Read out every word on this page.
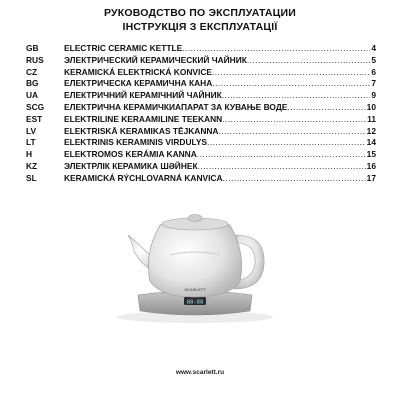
РУКОВОДСТВО ПО ЭКСПЛУАТАЦИИ
ІНСТРУКЦІЯ З ЕКСПЛУАТАЦІЇ
GB	ELECTRIC CERAMIC KETTLE .....	4
RUS	ЭЛЕКТРИЧЕСКИЙ КЕРАМИЧЕСКИЙ ЧАЙНИК .....	5
CZ	KERAMICKÁ ELEKTRICKÁ KONVICE .....	6
BG	ЕЛЕКТРИЧЕСКА КЕРАМИЧНА КАНА .....	7
UA	ЕЛЕКТРИЧНИЙ КЕРАМІЧНИЙ ЧАЙНИК .....	9
SCG	ЕЛЕКТРИЧНА КЕРАМИЧКИАПАРАТ ЗА КУВАЊЕ ВОДЕ .....	10
EST	ELEKTRILINE KERAAMILINE TEEKANN .....	11
LV	ELEKTRISKĀ KERAMIKAS TĒJKANNA .....	12
LT	ELEKTRINIS KERAMINIS VIRDULYS .....	14
H	ELEKTROMOS KERÁMIA KANNA .....	15
KZ	ЭЛЕКТРЛІК КЕРАМИКА ШӘЙНЕК .....	16
SL	KERAMICKÁ RÝCHLOVARNÁ KANVICA .....	17
88:88
SCARLETT
www.scarlett.ru
